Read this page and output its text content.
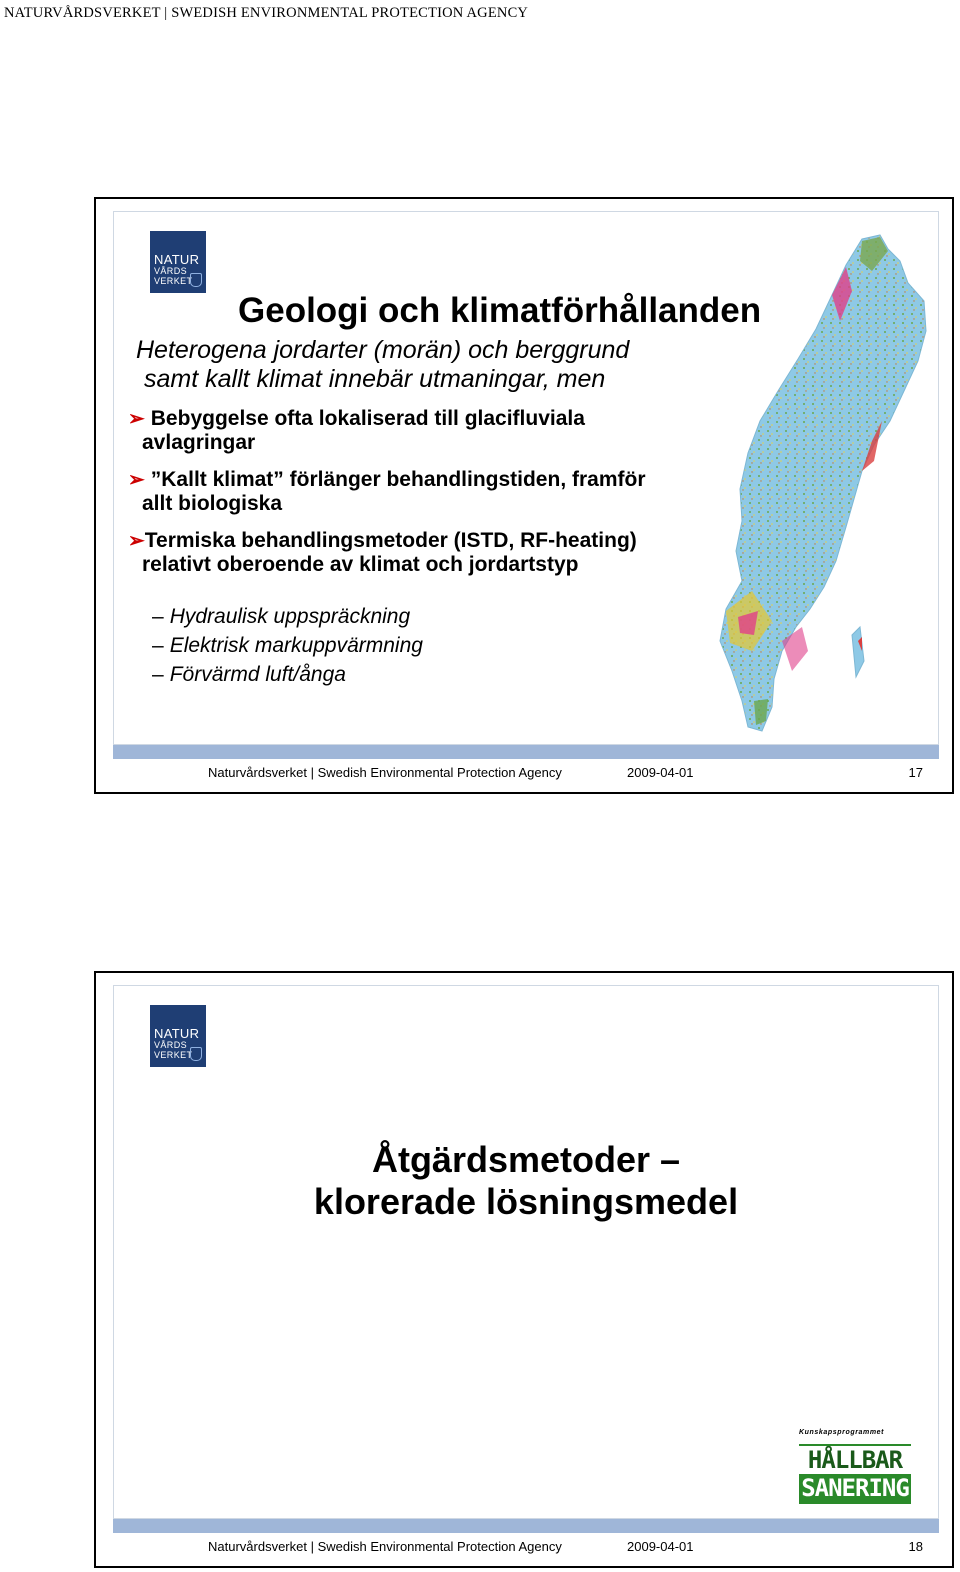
NATURVÅRDSVERKET | SWEDISH ENVIRONMENTAL PROTECTION AGENCY
NATUR
VÅRDS
VERKET
Geologi och klimatförhållanden
Heterogena jordarter (morän) och berggrund
samt kallt klimat innebär utmaningar, men
➢ Bebyggelse ofta lokaliserad till glacifluviala
avlagringar
➢ ”Kallt klimat” förlänger behandlingstiden, framför
allt biologiska
➢Termiska behandlingsmetoder (ISTD, RF-heating)
relativt oberoende av klimat och jordartstyp
– Hydraulisk uppspräckning
– Elektrisk markuppvärmning
– Förvärmd luft/ånga
Naturvårdsverket | Swedish Environmental Protection Agency	2009-04-01	17
NATUR
VÅRDS
VERKET
Åtgärdsmetoder –
klorerade lösningsmedel
Kunskapsprogrammet
HÅLLBAR
SANERING
Naturvårdsverket | Swedish Environmental Protection Agency	2009-04-01	18
